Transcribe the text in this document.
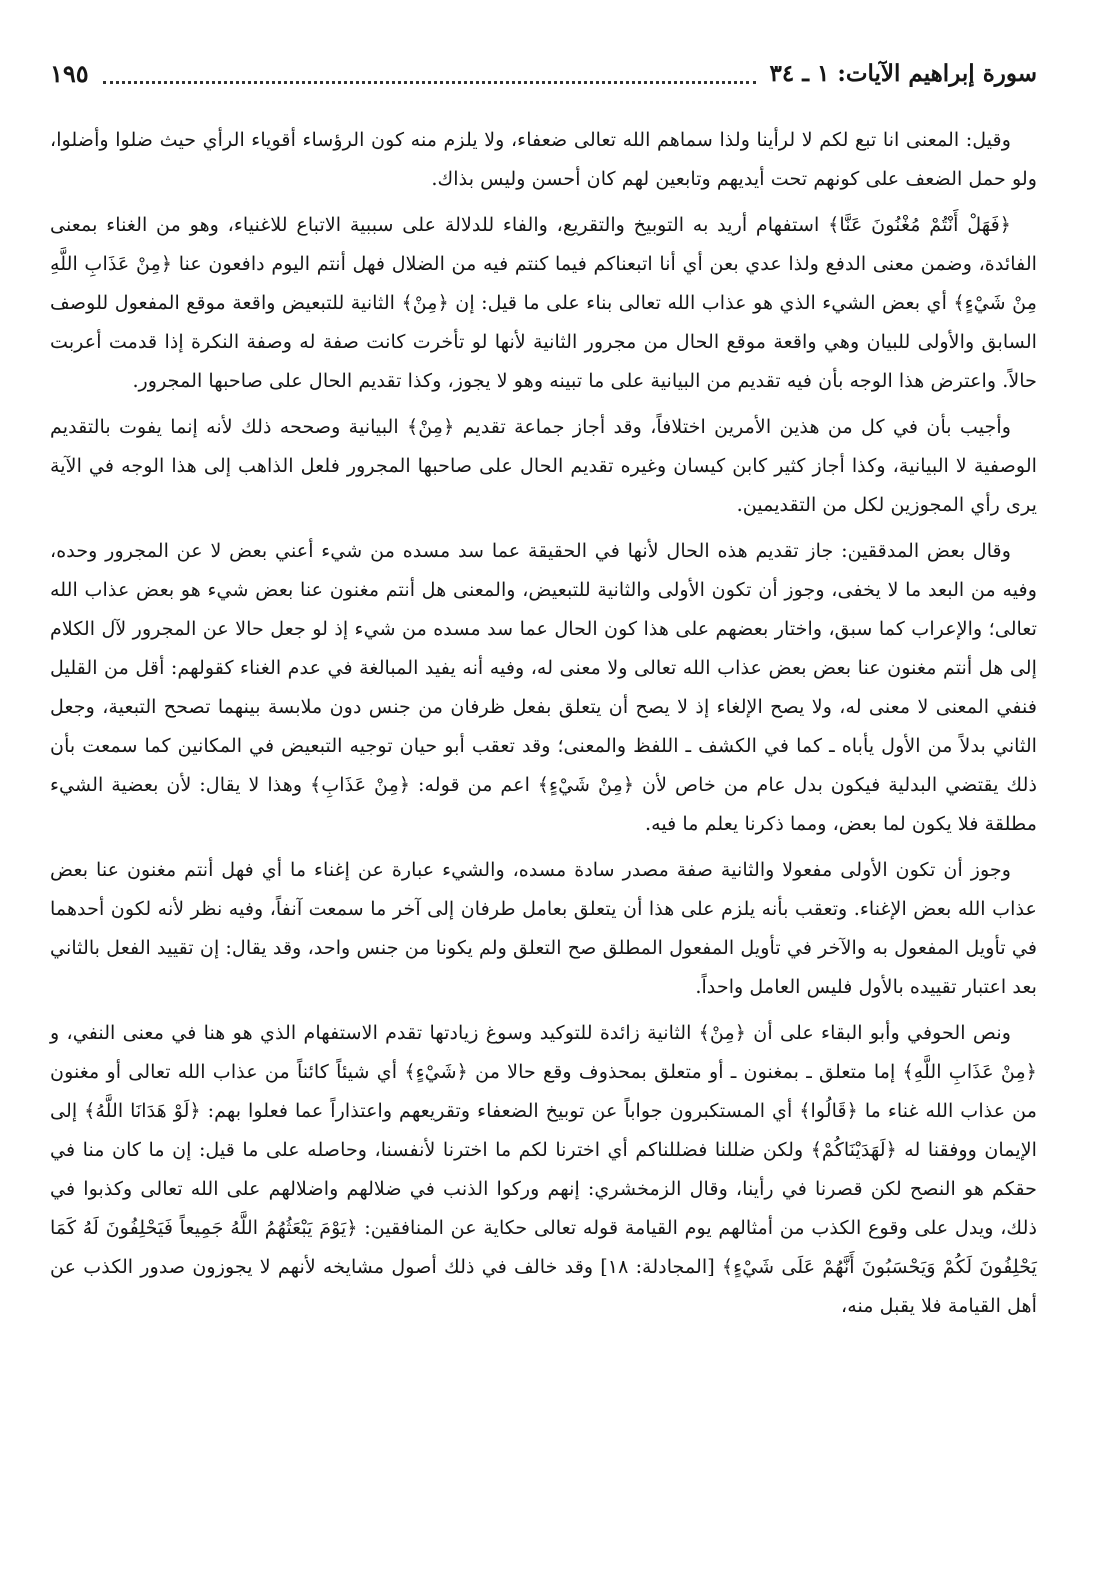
سورة إبراهيم الآيات: ١ ـ ٣٤
١٩٥

وقيل: المعنى انا تبع لكم لا لرأينا ولذا سماهم الله تعالى ضعفاء، ولا يلزم منه كون الرؤساء أقوياء الرأي حيث ضلوا وأضلوا، ولو حمل الضعف على كونهم تحت أيديهم وتابعين لهم كان أحسن وليس بذاك.

﴿فَهَلْ أَنْتُمْ مُغْنُونَ عَنَّا﴾ استفهام أريد به التوبيخ والتقريع، والفاء للدلالة على سببية الاتباع للاغنياء، وهو من الغناء بمعنى الفائدة، وضمن معنى الدفع ولذا عدي بعن أي أنا اتبعناكم فيما كنتم فيه من الضلال فهل أنتم اليوم دافعون عنا ﴿مِنْ عَذَابِ اللَّهِ مِنْ شَيْءٍ﴾ أي بعض الشيء الذي هو عذاب الله تعالى بناء على ما قيل: إن ﴿مِنْ﴾ الثانية للتبعيض واقعة موقع المفعول للوصف السابق والأولى للبيان وهي واقعة موقع الحال من مجرور الثانية لأنها لو تأخرت كانت صفة له وصفة النكرة إذا قدمت أعربت حالاً. واعترض هذا الوجه بأن فيه تقديم من البيانية على ما تبينه وهو لا يجوز، وكذا تقديم الحال على صاحبها المجرور.

وأجيب بأن في كل من هذين الأمرين اختلافاً، وقد أجاز جماعة تقديم ﴿مِنْ﴾ البيانية وصححه ذلك لأنه إنما يفوت بالتقديم الوصفية لا البيانية، وكذا أجاز كثير كابن كيسان وغيره تقديم الحال على صاحبها المجرور فلعل الذاهب إلى هذا الوجه في الآية يرى رأي المجوزين لكل من التقديمين.

وقال بعض المدققين: جاز تقديم هذه الحال لأنها في الحقيقة عما سد مسده من شيء أعني بعض لا عن المجرور وحده، وفيه من البعد ما لا يخفى، وجوز أن تكون الأولى والثانية للتبعيض، والمعنى هل أنتم مغنون عنا بعض شيء هو بعض عذاب الله تعالى؛ والإعراب كما سبق، واختار بعضهم على هذا كون الحال عما سد مسده من شيء إذ لو جعل حالا عن المجرور لآل الكلام إلى هل أنتم مغنون عنا بعض بعض عذاب الله تعالى ولا معنى له، وفيه أنه يفيد المبالغة في عدم الغناء كقولهم: أقل من القليل فنفي المعنى لا معنى له، ولا يصح الإلغاء إذ لا يصح أن يتعلق بفعل ظرفان من جنس دون ملابسة بينهما تصحح التبعية، وجعل الثاني بدلاً من الأول يأباه ـ كما في الكشف ـ اللفظ والمعنى؛ وقد تعقب أبو حيان توجيه التبعيض في المكانين كما سمعت بأن ذلك يقتضي البدلية فيكون بدل عام من خاص لأن ﴿مِنْ شَيْءٍ﴾ اعم من قوله: ﴿مِنْ عَذَابِ﴾ وهذا لا يقال: لأن بعضية الشيء مطلقة فلا يكون لما بعض، ومما ذكرنا يعلم ما فيه.

وجوز أن تكون الأولى مفعولا والثانية صفة مصدر سادة مسده، والشيء عبارة عن إغناء ما أي فهل أنتم مغنون عنا بعض عذاب الله بعض الإغناء. وتعقب بأنه يلزم على هذا أن يتعلق بعامل طرفان إلى آخر ما سمعت آنفاً، وفيه نظر لأنه لكون أحدهما في تأويل المفعول به والآخر في تأويل المفعول المطلق صح التعلق ولم يكونا من جنس واحد، وقد يقال: إن تقييد الفعل بالثاني بعد اعتبار تقييده بالأول فليس العامل واحداً.

ونص الحوفي وأبو البقاء على أن ﴿مِنْ﴾ الثانية زائدة للتوكيد وسوغ زيادتها تقدم الاستفهام الذي هو هنا في معنى النفي، و ﴿مِنْ عَذَابِ اللَّهِ﴾ إما متعلق ـ بمغنون ـ أو متعلق بمحذوف وقع حالا من ﴿شَيْءٍ﴾ أي شيئاً كائناً من عذاب الله تعالى أو مغنون من عذاب الله غناء ما ﴿قَالُوا﴾ أي المستكبرون جواباً عن توبيخ الضعفاء وتقريعهم واعتذاراً عما فعلوا بهم: ﴿لَوْ هَدَانَا اللَّهُ﴾ إلى الإيمان ووفقنا له ﴿لَهَدَيْنَاكُمْ﴾ ولكن ضللنا فضللناكم أي اخترنا لكم ما اخترنا لأنفسنا، وحاصله على ما قيل: إن ما كان منا في حقكم هو النصح لكن قصرنا في رأينا، وقال الزمخشري: إنهم وركوا الذنب في ضلالهم واضلالهم على الله تعالى وكذبوا في ذلك، ويدل على وقوع الكذب من أمثالهم يوم القيامة قوله تعالى حكاية عن المنافقين: ﴿يَوْمَ يَبْعَثُهُمُ اللَّهُ جَمِيعاً فَيَحْلِفُونَ لَهُ كَمَا يَحْلِفُونَ لَكُمْ وَيَحْسَبُونَ أَنَّهُمْ عَلَى شَيْءٍ﴾ [المجادلة: ١٨] وقد خالف في ذلك أصول مشايخه لأنهم لا يجوزون صدور الكذب عن أهل القيامة فلا يقبل منه،
